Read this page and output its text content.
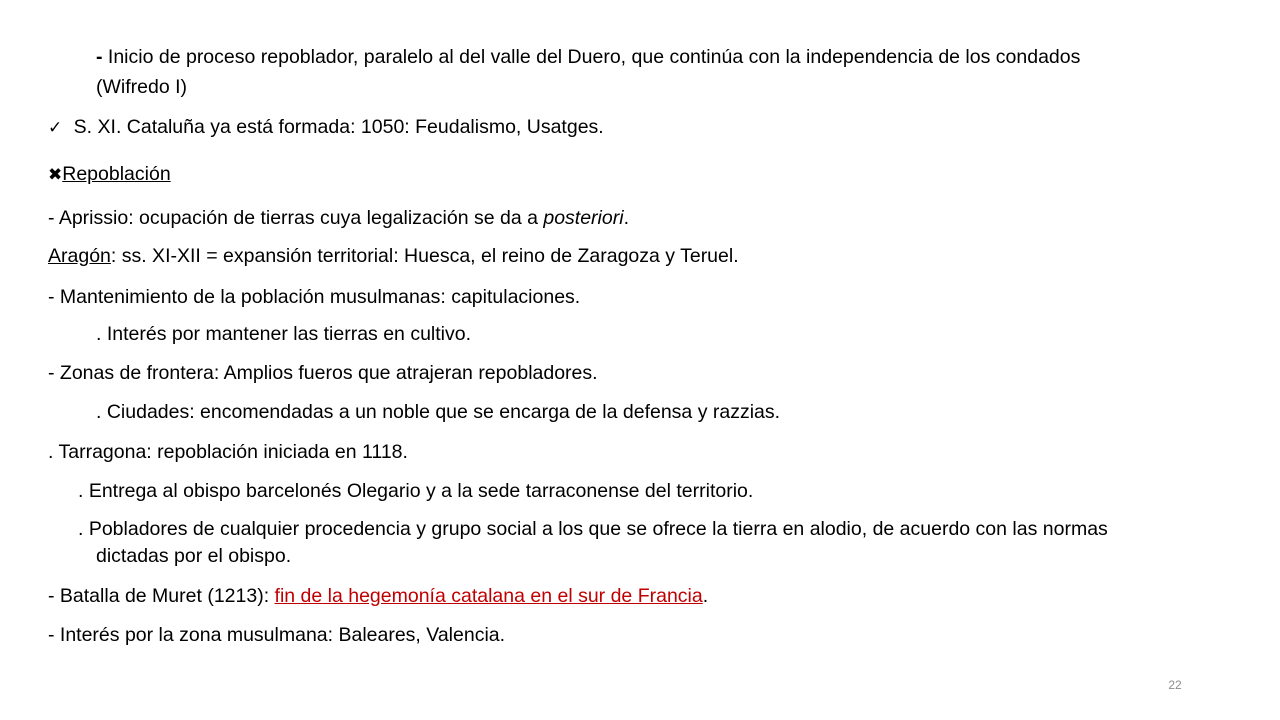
- Inicio de proceso repoblador, paralelo al del valle del Duero, que continúa con la independencia de los condados
(Wifredo I)
✓ S. XI. Cataluña ya está formada: 1050: Feudalismo, Usatges.
✖Repoblación
- Aprissio: ocupación de tierras cuya legalización se da a posteriori.
Aragón: ss. XI-XII = expansión territorial: Huesca, el reino de Zaragoza y Teruel.
- Mantenimiento de la población musulmanas: capitulaciones.
. Interés por mantener las tierras en cultivo.
- Zonas de frontera: Amplios fueros que atrajeran repobladores.
. Ciudades: encomendadas a un noble que se encarga de la defensa y razzias.
. Tarragona: repoblación iniciada en 1118.
. Entrega al obispo barcelonés Olegario y a la sede tarraconense del territorio.
. Pobladores de cualquier procedencia y grupo social a los que se ofrece la tierra en alodio, de acuerdo con las normas
dictadas por el obispo.
- Batalla de Muret (1213): fin de la hegemonía catalana en el sur de Francia.
- Interés por la zona musulmana: Baleares, Valencia.
22
